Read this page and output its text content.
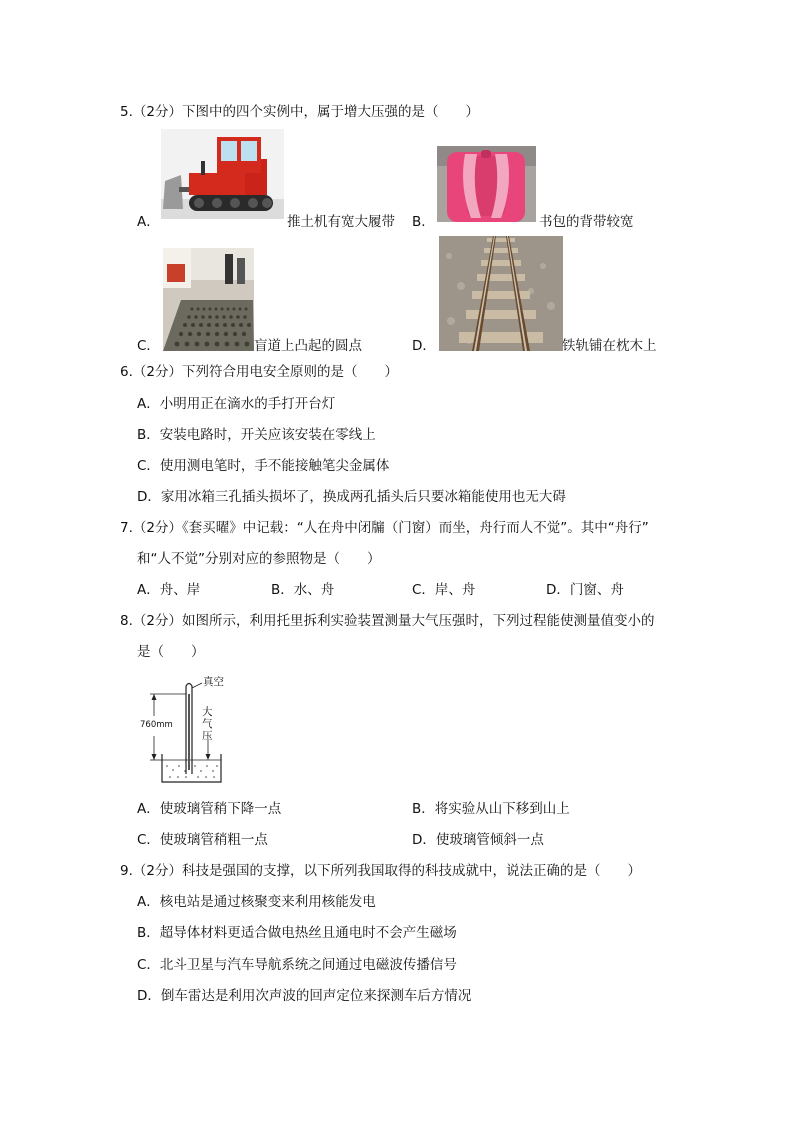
5.（2分）下图中的四个实例中，属于增大压强的是（　　）
A．	推土机有宽大履带 B．	书包的背带较宽
C．	盲道上凸起的圆点	D．	铁轨铺在枕木上
6.（2分）下列符合用电安全原则的是（　　）
A．小明用正在滴水的手打开台灯
B．安装电路时，开关应该安装在零线上
C．使用测电笔时，手不能接触笔尖金属体
D．家用冰箱三孔插头损坏了，换成两孔插头后只要冰箱能使用也无大碍
7.（2分）《套买曜》中记载：“人在舟中闭牖（门窗）而坐，舟行而人不觉”。其中“舟行”
和“人不觉”分别对应的参照物是（　　）
A．舟、岸	B．水、舟	C．岸、舟	D．门窗、舟
8.（2分）如图所示，利用托里拆利实验装置测量大气压强时，下列过程能使测量值变小的
是（　　）
真空
760mm
大
气
压
A．使玻璃管稍下降一点	B．将实验从山下移到山上
C．使玻璃管稍粗一点	D．使玻璃管倾斜一点
9.（2分）科技是强国的支撑，以下所列我国取得的科技成就中，说法正确的是（　　）
A．核电站是通过核聚变来利用核能发电
B．超导体材料更适合做电热丝且通电时不会产生磁场
C．北斗卫星与汽车导航系统之间通过电磁波传播信号
D．倒车雷达是利用次声波的回声定位来探测车后方情况
